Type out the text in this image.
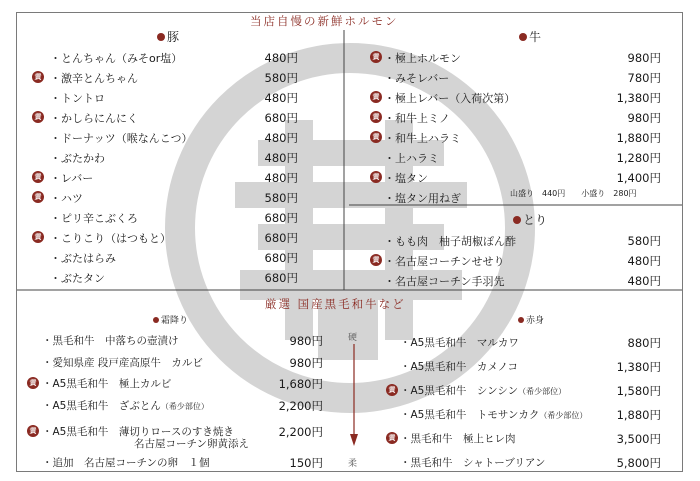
当店自慢の新鮮ホルモン
豚	牛
とり
厳選 国産黒毛和牛など
霜降り	赤身
硬
柔
山盛り　440円　　小盛り　280円
・とんちゃん（みそor塩）	480円
黄 ・激辛とんちゃん	580円
・トントロ	480円
黄 ・かしらにんにく	680円
・ドーナッツ（喉なんこつ）	480円
・ぶたかわ	480円
黄 ・レバー	480円
黄 ・ハツ	580円
・ピリ辛こぶくろ	680円
黄 ・こりこり（はつもと）	680円
・ぶたはらみ	680円
・ぶたタン	680円
黄 ・極上ホルモン	980円
・みそレバー	780円
黄 ・極上レバー（入荷次第）	1,380円
黄 ・和牛上ミノ	980円
黄 ・和牛上ハラミ	1,880円
・上ハラミ	1,280円
黄 ・塩タン	1,400円
・塩タン用ねぎ
・もも肉　柚子胡椒ぽん酢	580円
黄 ・名古屋コーチンせせり	480円
・名古屋コーチン手羽先	480円
・黒毛和牛　中落ちの壺漬け	980円
・愛知県産 段戸産高原牛　カルビ	980円
黄 ・A5黒毛和牛　極上カルビ	1,680円
・A5黒毛和牛　ざぶとん（希少部位）	2,200円
黄 ・A5黒毛和牛　薄切りロースのすき焼き	2,200円
名古屋コーチン卵黄添え
・追加　名古屋コーチンの卵　１個	150円
・A5黒毛和牛　マルカワ	880円
・A5黒毛和牛　カメノコ	1,380円
黄 ・A5黒毛和牛　シンシン（希少部位）	1,580円
・A5黒毛和牛　トモサンカク（希少部位）	1,880円
黄 ・黒毛和牛　極上ヒレ肉	3,500円
・黒毛和牛　シャトーブリアン	5,800円
